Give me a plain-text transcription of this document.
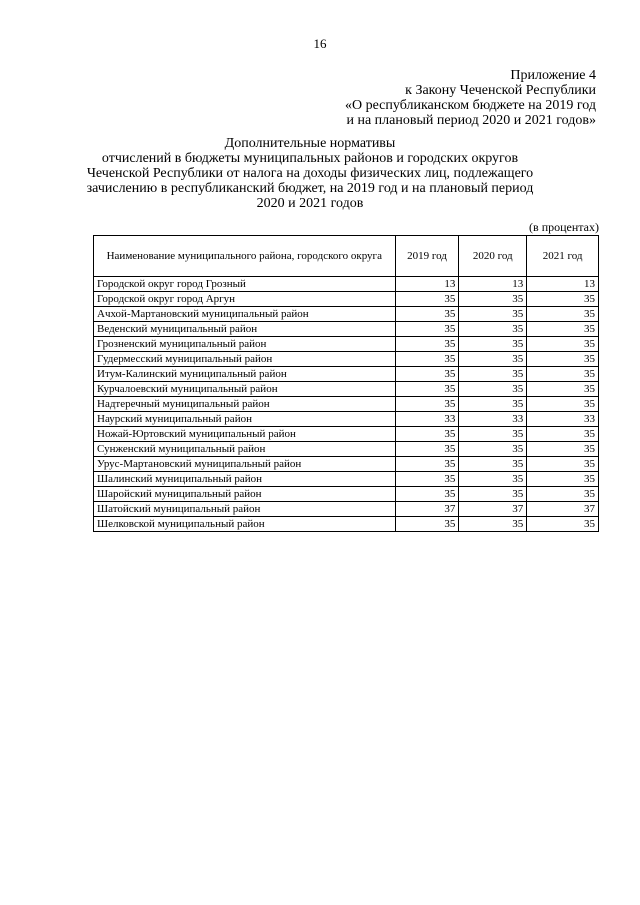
16
Приложение 4
к Закону Чеченской Республики
«О республиканском бюджете на 2019 год
и на плановый период 2020 и 2021 годов»
Дополнительные нормативы
отчислений в бюджеты муниципальных районов и городских округов
Чеченской Республики от налога на доходы физических лиц, подлежащего
зачислению в республиканский бюджет, на 2019 год и на плановый период
2020 и 2021 годов
(в процентах)
Наименование муниципального района, городского округа	2019 год	2020 год	2021 год
Городской округ город Грозный	13	13	13
Городской округ город Аргун	35	35	35
Ачхой-Мартановский муниципальный район	35	35	35
Веденский муниципальный район	35	35	35
Грозненский муниципальный район	35	35	35
Гудермесский муниципальный район	35	35	35
Итум-Калинский муниципальный район	35	35	35
Курчалоевский муниципальный район	35	35	35
Надтеречный муниципальный район	35	35	35
Наурский муниципальный район	33	33	33
Ножай-Юртовский муниципальный район	35	35	35
Сунженский муниципальный район	35	35	35
Урус-Мартановский муниципальный район	35	35	35
Шалинский муниципальный район	35	35	35
Шаройский муниципальный район	35	35	35
Шатойский муниципальный район	37	37	37
Шелковской муниципальный район	35	35	35
